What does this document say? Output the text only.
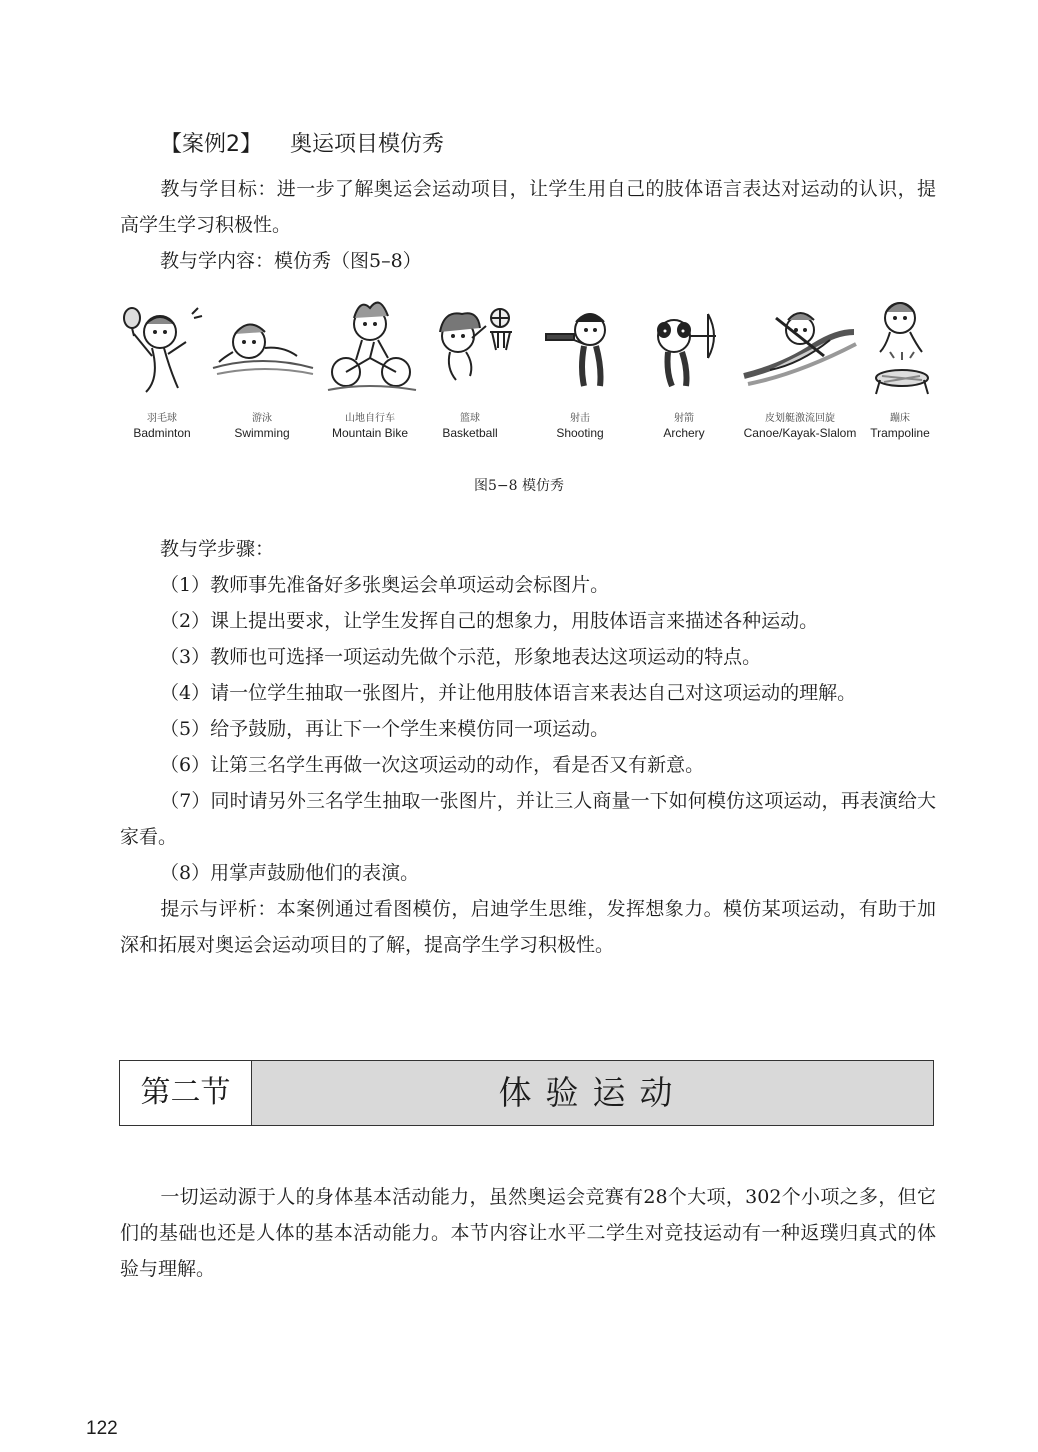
【案例2】 奥运项目模仿秀

教与学目标：进一步了解奥运会运动项目，让学生用自己的肢体语言表达对运动的认识，提高学生学习积极性。

教与学内容：模仿秀（图5–8）

羽毛球
Badminton
游泳
Swimming
山地自行车
Mountain Bike
篮球
Basketball
射击
Shooting
射箭
Archery
皮划艇激流回旋
Canoe/Kayak-Slalom
蹦床
Trampoline
图5−8 模仿秀

教与学步骤：

（1）教师事先准备好多张奥运会单项运动会标图片。

（2）课上提出要求，让学生发挥自己的想象力，用肢体语言来描述各种运动。

（3）教师也可选择一项运动先做个示范，形象地表达这项运动的特点。

（4）请一位学生抽取一张图片，并让他用肢体语言来表达自己对这项运动的理解。

（5）给予鼓励，再让下一个学生来模仿同一项运动。

（6）让第三名学生再做一次这项运动的动作，看是否又有新意。

（7）同时请另外三名学生抽取一张图片，并让三人商量一下如何模仿这项运动，再表演给大家看。

（8）用掌声鼓励他们的表演。

提示与评析：本案例通过看图模仿，启迪学生思维，发挥想象力。模仿某项运动，有助于加深和拓展对奥运会运动项目的了解，提高学生学习积极性。

第二节	体验运动

一切运动源于人的身体基本活动能力，虽然奥运会竞赛有28个大项，302个小项之多，但它们的基础也还是人体的基本活动能力。本节内容让水平二学生对竞技运动有一种返璞归真式的体验与理解。

122
